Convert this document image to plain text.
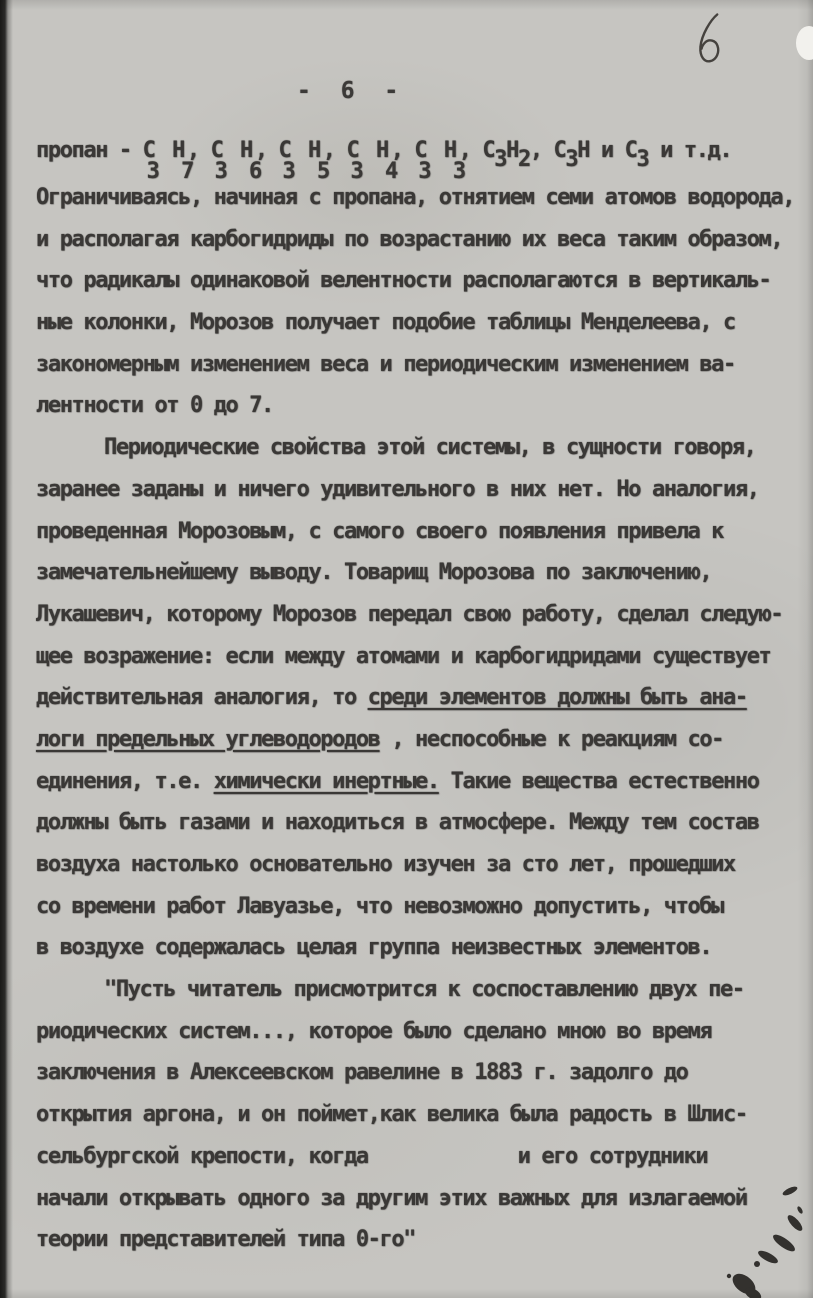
- 6 -
пропан - С Н
3 7
, С Н
3 6
, С Н
3 5
, С Н
3 4
, С Н
3 3
, С3Н2, С3Н и С3 и т.д.
Ограничиваясь, начиная с пропана, отнятием семи атомов водорода,
и располагая карбогидриды по возрастанию их веса таким образом,
что радикалы одинаковой велентности располагаются в вертикаль-
ные колонки, Морозов получает подобие таблицы Менделеева, с
закономерным изменением веса и периодическим изменением ва-
лентности от 0 до 7.
Периодические свойства этой системы, в сущности говоря,
заранее заданы и ничего удивительного в них нет. Но аналогия,
проведенная Морозовым, с самого своего появления привела к
замечательнейшему выводу. Товарищ Морозова по заключению,
Лукашевич, которому Морозов передал свою работу, сделал следую-
щее возражение: если между атомами и карбогидридами существует
действительная аналогия, то среди элементов должны быть ана-
логи предельных углеводородов , неспособные к реакциям со-
единения, т.е. химически инертные. Такие вещества естественно
должны быть газами и находиться в атмосфере. Между тем состав
воздуха настолько основательно изучен за сто лет, прошедших
со времени работ Лавуазье, что невозможно допустить, чтобы
в воздухе содержалась целая группа неизвестных элементов.
"Пусть читатель присмотрится к соспоставлению двух пе-
риодических систем..., которое было сделано мною во время
заключения в Алексеевском равелине в 1883 г. задолго до
открытия аргона, и он поймет,как велика была радость в Шлис-
сельбургской крепости, когда	и его сотрудники
начали открывать одного за другим этих важных для излагаемой
теории представителей типа 0-го"
